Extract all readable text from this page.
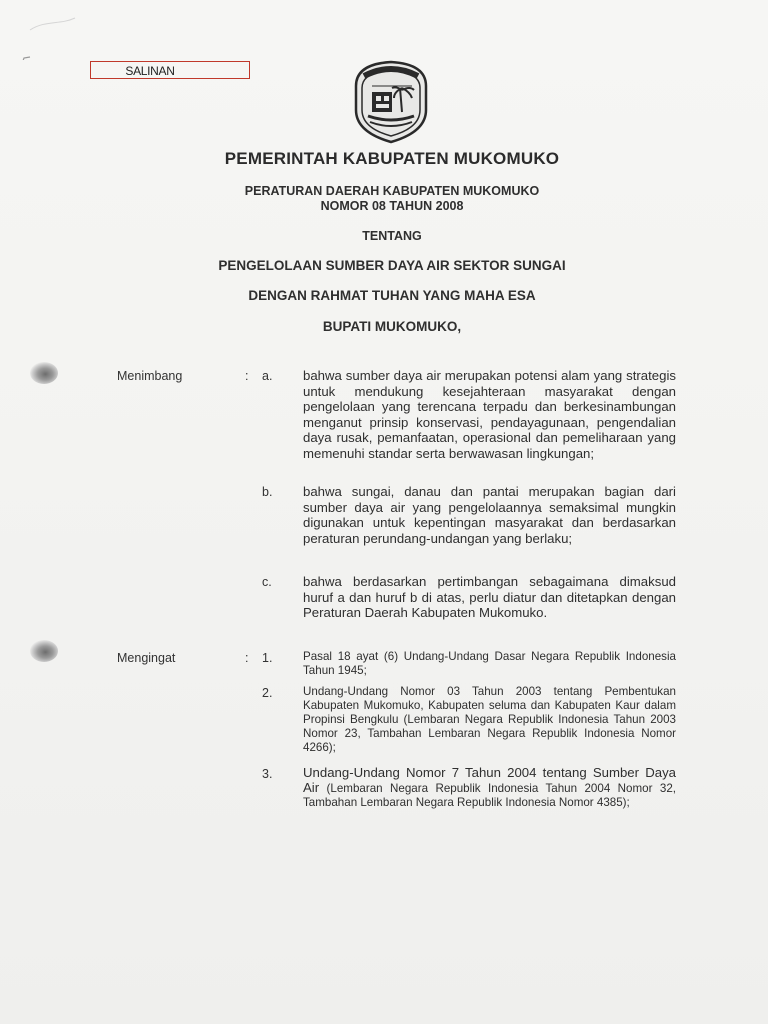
SALINAN
PEMERINTAH KABUPATEN MUKOMUKO
PERATURAN DAERAH KABUPATEN MUKOMUKO
NOMOR 08 TAHUN 2008
TENTANG
PENGELOLAAN SUMBER DAYA AIR SEKTOR SUNGAI
DENGAN RAHMAT TUHAN YANG MAHA ESA
BUPATI MUKOMUKO,
Menimbang	: a. bahwa sumber daya air merupakan potensi alam yang strategis untuk mendukung kesejahteraan masyarakat dengan pengelolaan yang terencana terpadu dan berkesinambungan menganut prinsip konservasi, pendayagunaan, pengendalian daya rusak, pemanfaatan, operasional dan pemeliharaan yang memenuhi standar serta berwawasan lingkungan;
b. bahwa sungai, danau dan pantai merupakan bagian dari sumber daya air yang pengelolaannya semaksimal mungkin digunakan untuk kepentingan masyarakat dan berdasarkan peraturan perundang-undangan yang berlaku;
c. bahwa berdasarkan pertimbangan sebagaimana dimaksud huruf a dan huruf b di atas, perlu diatur dan ditetapkan dengan Peraturan Daerah Kabupaten Mukomuko.
Mengingat	: 1.	Pasal 18 ayat (6) Undang-Undang Dasar Negara Republik Indonesia Tahun 1945;
2.	Undang-Undang Nomor 03 Tahun 2003 tentang Pembentukan Kabupaten Mukomuko, Kabupaten seluma dan Kabupaten Kaur dalam Propinsi Bengkulu (Lembaran Negara Republik Indonesia Tahun 2003 Nomor 23, Tambahan Lembaran Negara Republik Indonesia Nomor 4266);
3. Undang-Undang Nomor 7 Tahun 2004 tentang Sumber Daya Air (Lembaran Negara Republik Indonesia Tahun 2004 Nomor 32, Tambahan Lembaran Negara Republik Indonesia Nomor 4385);
